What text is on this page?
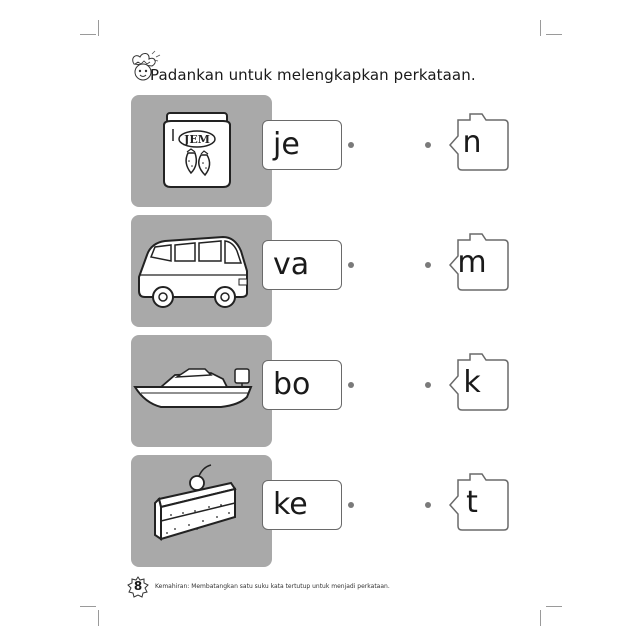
Padankan untuk melengkapkan perkataan.
JEM	je	n
va	m
bo	k
ke	t
8	Kemahiran: Membatangkan satu suku kata tertutup untuk menjadi perkataan.
